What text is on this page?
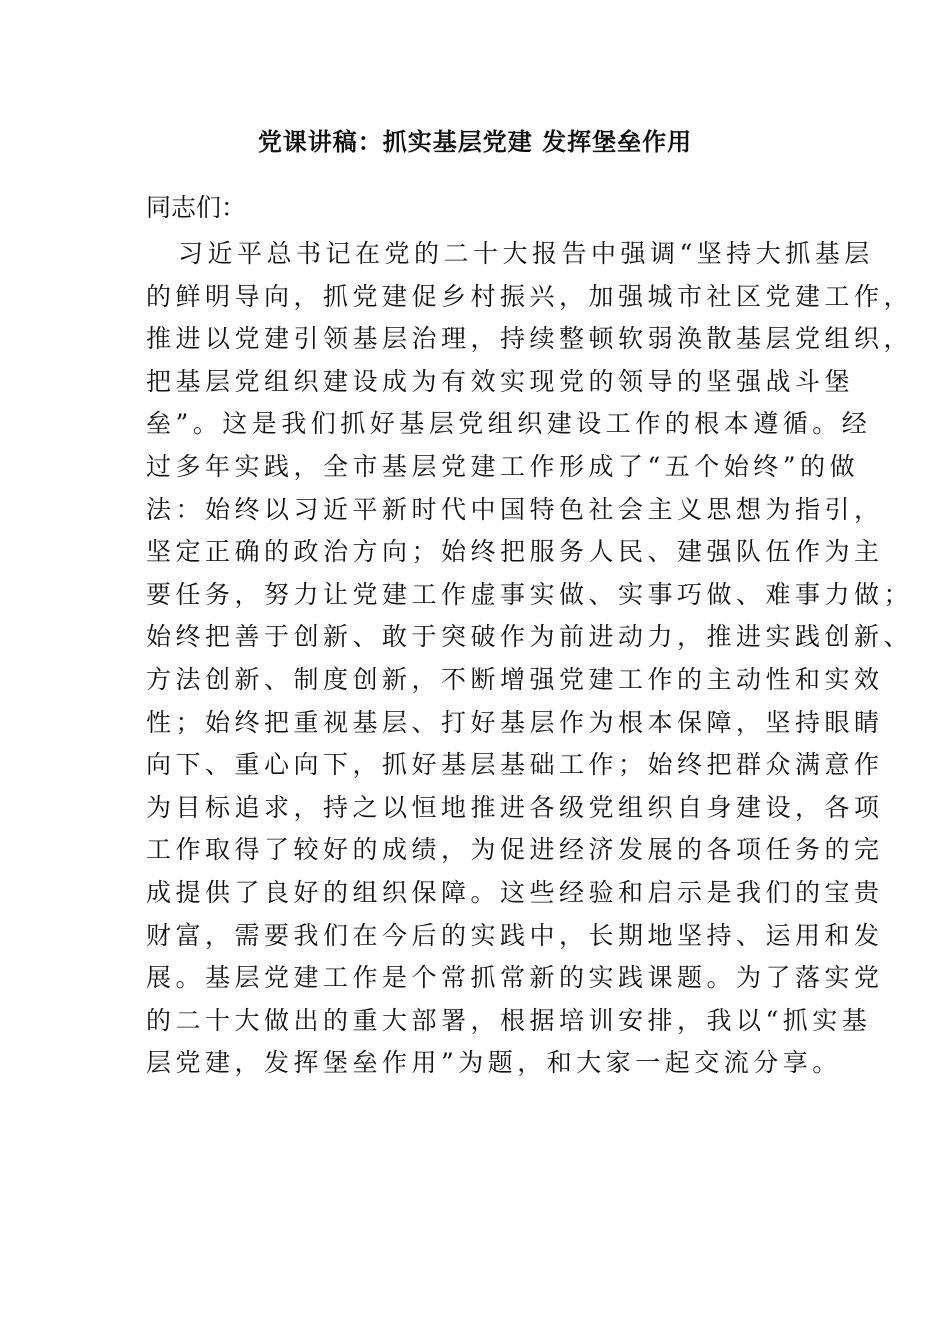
党课讲稿：抓实基层党建 发挥堡垒作用
同志们：
习近平总书记在党的二十大报告中强调“坚持大抓基层
的鲜明导向，抓党建促乡村振兴，加强城市社区党建工作，
推进以党建引领基层治理，持续整顿软弱涣散基层党组织，
把基层党组织建设成为有效实现党的领导的坚强战斗堡
垒”。这是我们抓好基层党组织建设工作的根本遵循。经
过多年实践，全市基层党建工作形成了“五个始终”的做
法：始终以习近平新时代中国特色社会主义思想为指引，
坚定正确的政治方向；始终把服务人民、建强队伍作为主
要任务，努力让党建工作虚事实做、实事巧做、难事力做；
始终把善于创新、敢于突破作为前进动力，推进实践创新、
方法创新、制度创新，不断增强党建工作的主动性和实效
性；始终把重视基层、打好基层作为根本保障，坚持眼睛
向下、重心向下，抓好基层基础工作；始终把群众满意作
为目标追求，持之以恒地推进各级党组织自身建设，各项
工作取得了较好的成绩，为促进经济发展的各项任务的完
成提供了良好的组织保障。这些经验和启示是我们的宝贵
财富，需要我们在今后的实践中，长期地坚持、运用和发
展。基层党建工作是个常抓常新的实践课题。为了落实党
的二十大做出的重大部署，根据培训安排，我以“抓实基
层党建，发挥堡垒作用”为题，和大家一起交流分享。
